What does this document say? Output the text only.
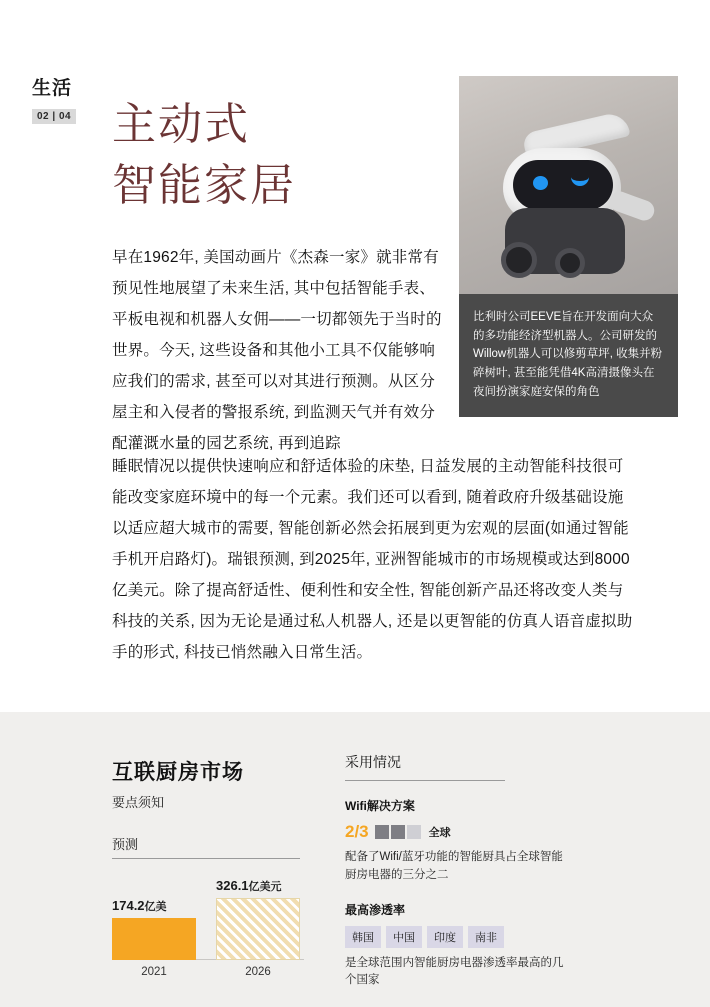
生活
02 | 04 主动式
智能家居
比利时公司EEVE旨在开发面向大众的多功能经济型机器人。公司研发的Willow机器人可以修剪草坪, 收集并粉碎树叶, 甚至能凭借4K高清摄像头在夜间扮演家庭安保的角色

早在1962年, 美国动画片《杰森一家》就非常有预见性地展望了未来生活, 其中包括智能手表、平板电视和机器人女佣——一切都领先于当时的世界。今天, 这些设备和其他小工具不仅能够响应我们的需求, 甚至可以对其进行预测。从区分屋主和入侵者的警报系统, 到监测天气并有效分配灌溉水量的园艺系统, 再到追踪

睡眠情况以提供快速响应和舒适体验的床垫, 日益发展的主动智能科技很可能改变家庭环境中的每一个元素。我们还可以看到, 随着政府升级基础设施以适应超大城市的需要, 智能创新必然会拓展到更为宏观的层面(如通过智能手机开启路灯)。瑞银预测, 到2025年, 亚洲智能城市的市场规模或达到8000亿美元。除了提高舒适性、便利性和安全性, 智能创新产品还将改变人类与科技的关系, 因为无论是通过私人机器人, 还是以更智能的仿真人语音虚拟助手的形式, 科技已悄然融入日常生活。

互联厨房市场
要点须知
预测
174.2亿美
2021
326.1亿美元
2026
采用情况
Wifi解决方案
2/3	全球
配备了Wifi/蓝牙功能的智能厨具占全球智能厨房电器的三分之二
最高渗透率
韩国	中国	印度	南非
是全球范围内智能厨房电器渗透率最高的几个国家
